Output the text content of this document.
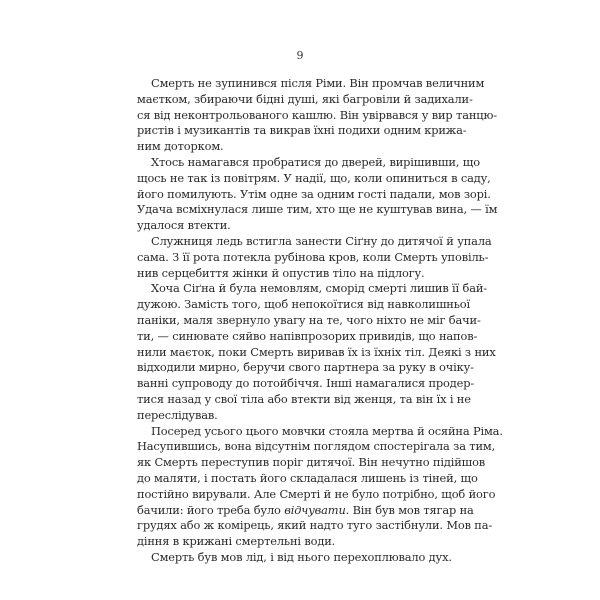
9
Смерть не зупинився після Ріми. Він промчав величним
маєтком, збираючи бідні душі, які багровіли й задихали-
ся від неконтрольованого кашлю. Він увірвався у вир танцю-
ристів і музикантів та викрав їхні подихи одним крижа-
ним доторком.
Хтось намагався пробратися до дверей, вирішивши, що
щось не так із повітрям. У надії, що, коли опиниться в саду,
його помилують. Утім одне за одним гості падали, мов зорі.
Удача всміхнулася лише тим, хто ще не куштував вина, — їм
удалося втекти.
Служниця ледь встигла занести Сіґну до дитячої й упала
сама. З її рота потекла рубінова кров, коли Смерть уповіль-
нив серцебиття жінки й опустив тіло на підлогу.
Хоча Сіґна й була немовлям, сморід смерті лишив її бай-
дужою. Замість того, щоб непокоїтися від навколишньої
паніки, маля звернуло увагу на те, чого ніхто не міг бачи-
ти, — синювате сяйво напівпрозорих привидів, що напов-
нили маєток, поки Смерть виривав їх із їхніх тіл. Деякі з них
відходили мирно, беручи свого партнера за руку в очіку-
ванні супроводу до потойбіччя. Інші намагалися продер-
тися назад у свої тіла або втекти від женця, та він їх і не
переслідував.
Посеред усього цього мовчки стояла мертва й осяйна Ріма.
Насупившись, вона відсутнім поглядом спостерігала за тим,
як Смерть переступив поріг дитячої. Він нечутно підійшов
до маляти, і постать його складалася лишень із тіней, що
постійно вирували. Але Смерті й не було потрібно, щоб його
бачили: його треба було відчувати. Він був мов тягар на
грудях або ж комірець, який надто туго застібнули. Мов па-
діння в крижані смертельні води.
Смерть був мов лід, і від нього перехоплювало дух.
